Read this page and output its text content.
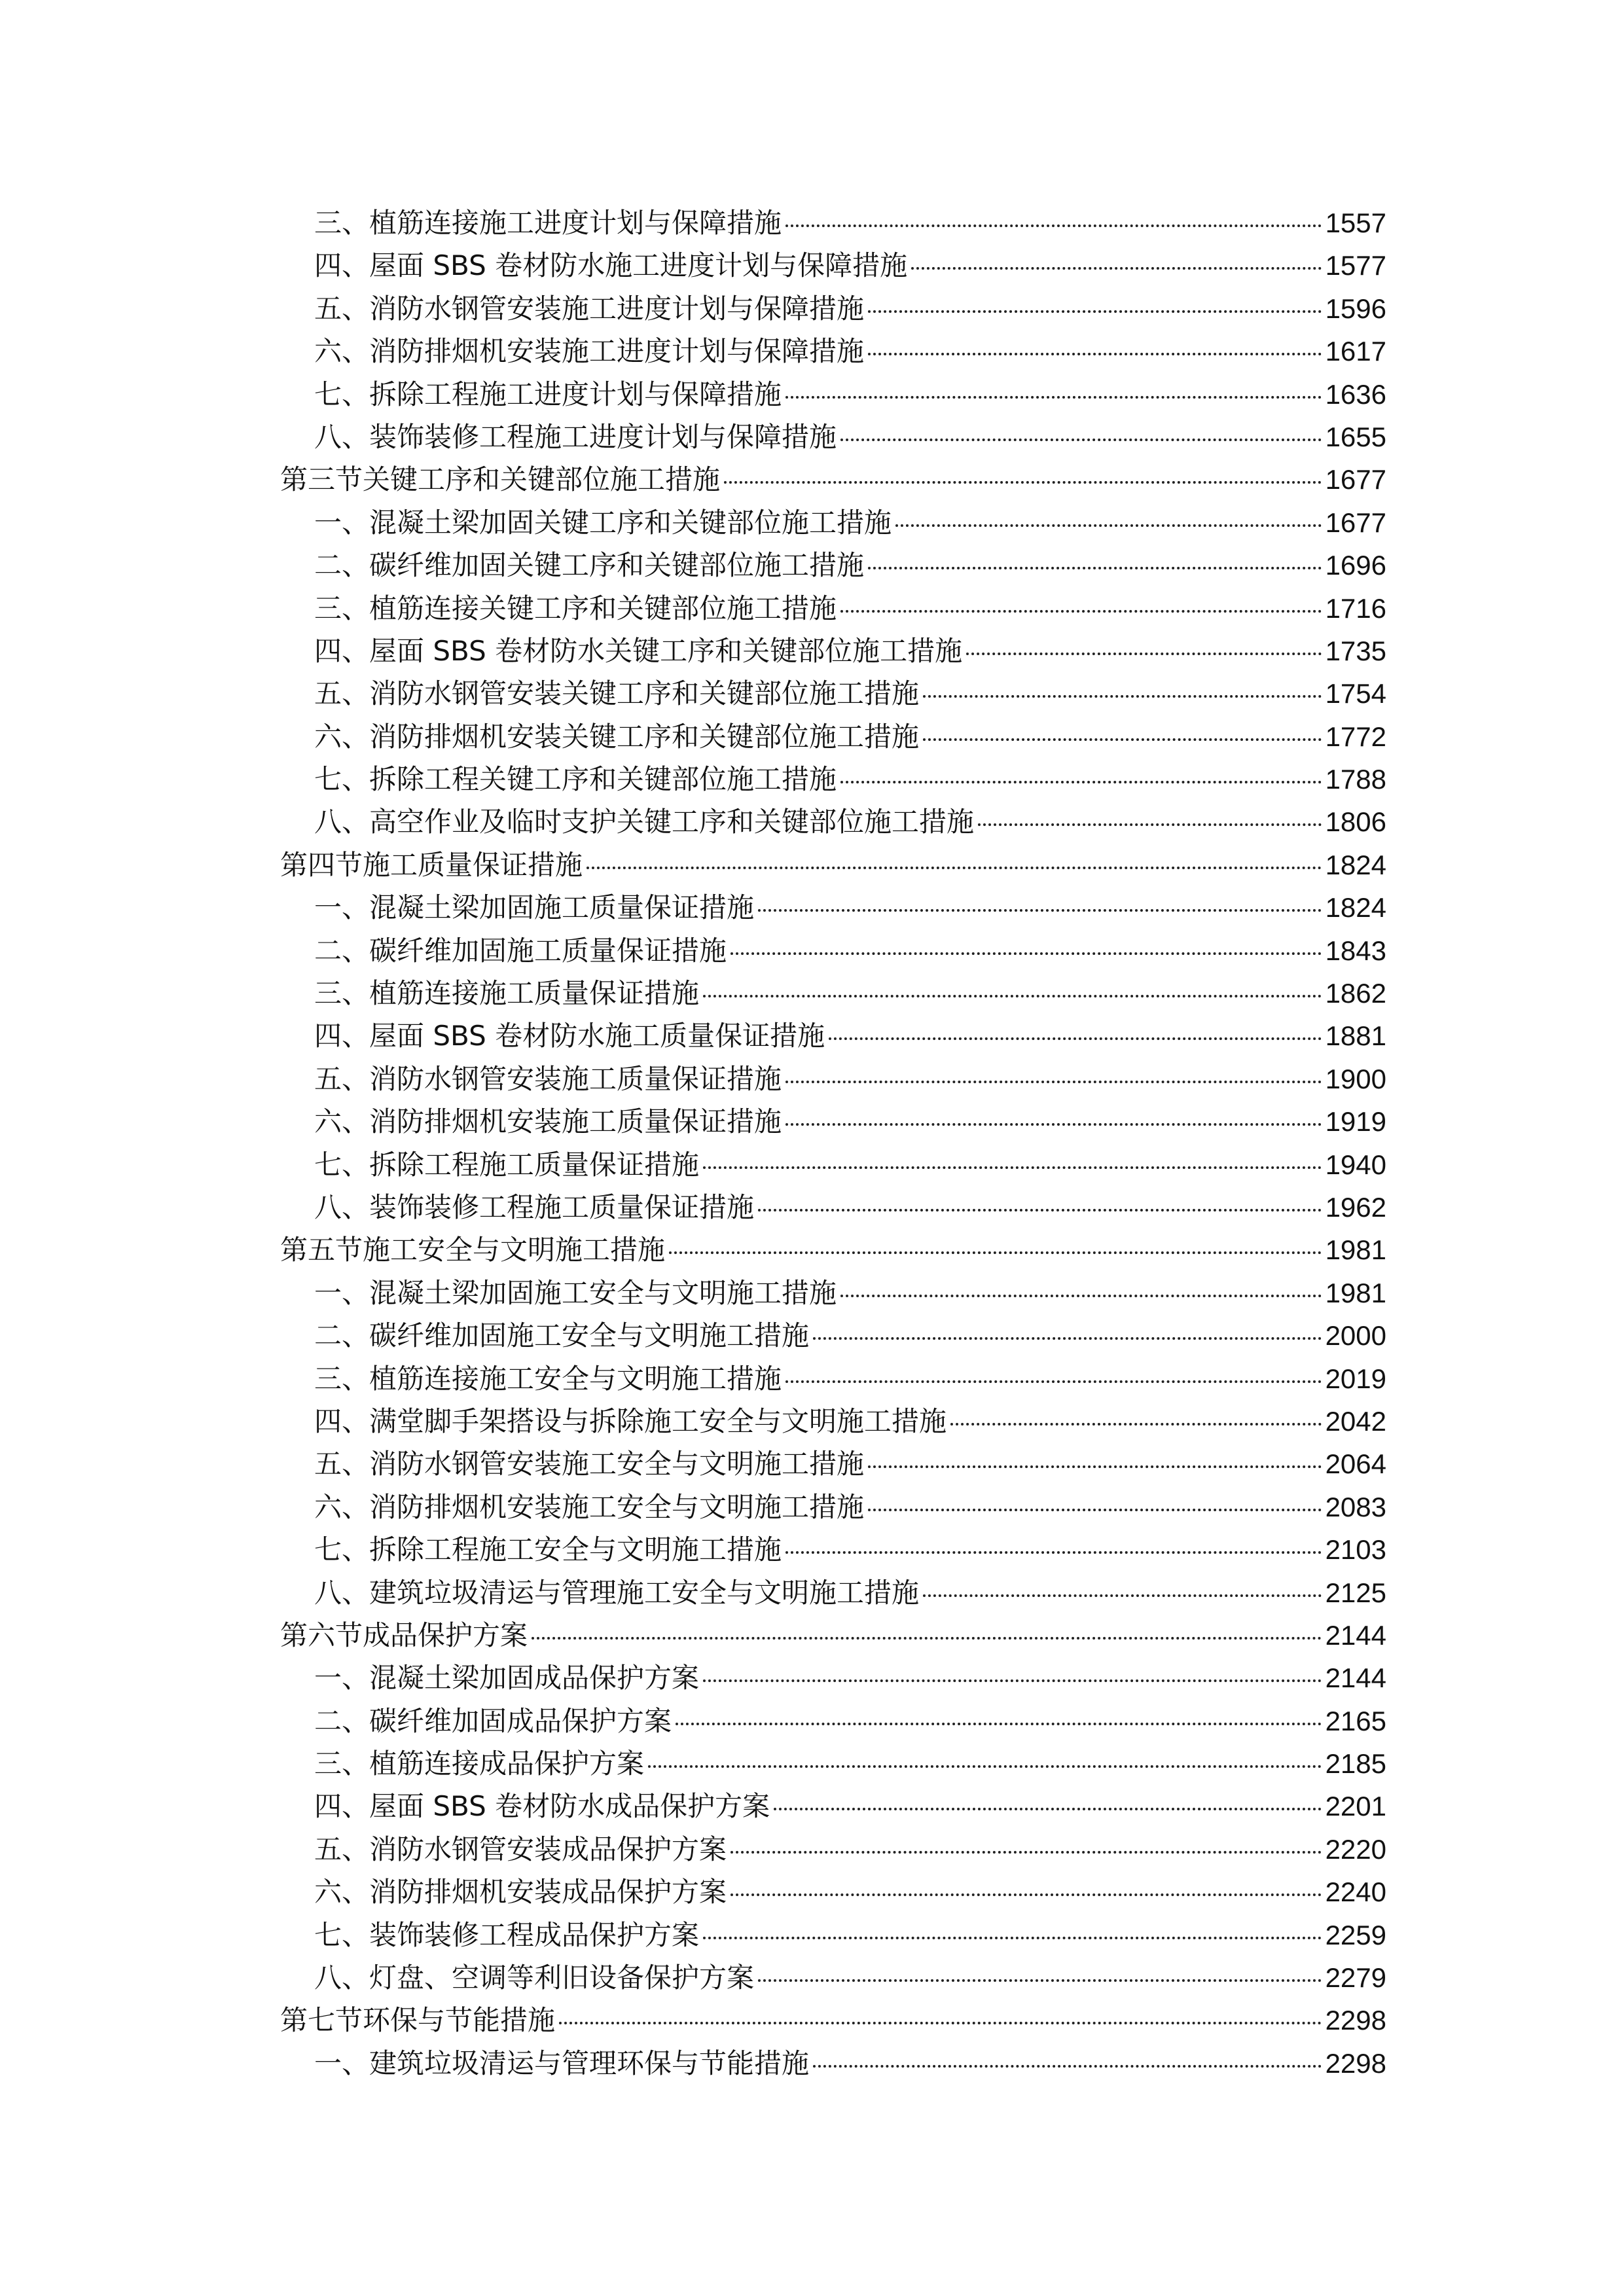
三、植筋连接施工进度计划与保障措施	1557
四、屋面 SBS 卷材防水施工进度计划与保障措施	1577
五、消防水钢管安装施工进度计划与保障措施	1596
六、消防排烟机安装施工进度计划与保障措施	1617
七、拆除工程施工进度计划与保障措施	1636
八、装饰装修工程施工进度计划与保障措施	1655
第三节关键工序和关键部位施工措施	1677
一、混凝土梁加固关键工序和关键部位施工措施	1677
二、碳纤维加固关键工序和关键部位施工措施	1696
三、植筋连接关键工序和关键部位施工措施	1716
四、屋面 SBS 卷材防水关键工序和关键部位施工措施	1735
五、消防水钢管安装关键工序和关键部位施工措施	1754
六、消防排烟机安装关键工序和关键部位施工措施	1772
七、拆除工程关键工序和关键部位施工措施	1788
八、高空作业及临时支护关键工序和关键部位施工措施	1806
第四节施工质量保证措施	1824
一、混凝土梁加固施工质量保证措施	1824
二、碳纤维加固施工质量保证措施	1843
三、植筋连接施工质量保证措施	1862
四、屋面 SBS 卷材防水施工质量保证措施	1881
五、消防水钢管安装施工质量保证措施	1900
六、消防排烟机安装施工质量保证措施	1919
七、拆除工程施工质量保证措施	1940
八、装饰装修工程施工质量保证措施	1962
第五节施工安全与文明施工措施	1981
一、混凝土梁加固施工安全与文明施工措施	1981
二、碳纤维加固施工安全与文明施工措施	2000
三、植筋连接施工安全与文明施工措施	2019
四、满堂脚手架搭设与拆除施工安全与文明施工措施	2042
五、消防水钢管安装施工安全与文明施工措施	2064
六、消防排烟机安装施工安全与文明施工措施	2083
七、拆除工程施工安全与文明施工措施	2103
八、建筑垃圾清运与管理施工安全与文明施工措施	2125
第六节成品保护方案	2144
一、混凝土梁加固成品保护方案	2144
二、碳纤维加固成品保护方案	2165
三、植筋连接成品保护方案	2185
四、屋面 SBS 卷材防水成品保护方案	2201
五、消防水钢管安装成品保护方案	2220
六、消防排烟机安装成品保护方案	2240
七、装饰装修工程成品保护方案	2259
八、灯盘、空调等利旧设备保护方案	2279
第七节环保与节能措施	2298
一、建筑垃圾清运与管理环保与节能措施	2298
